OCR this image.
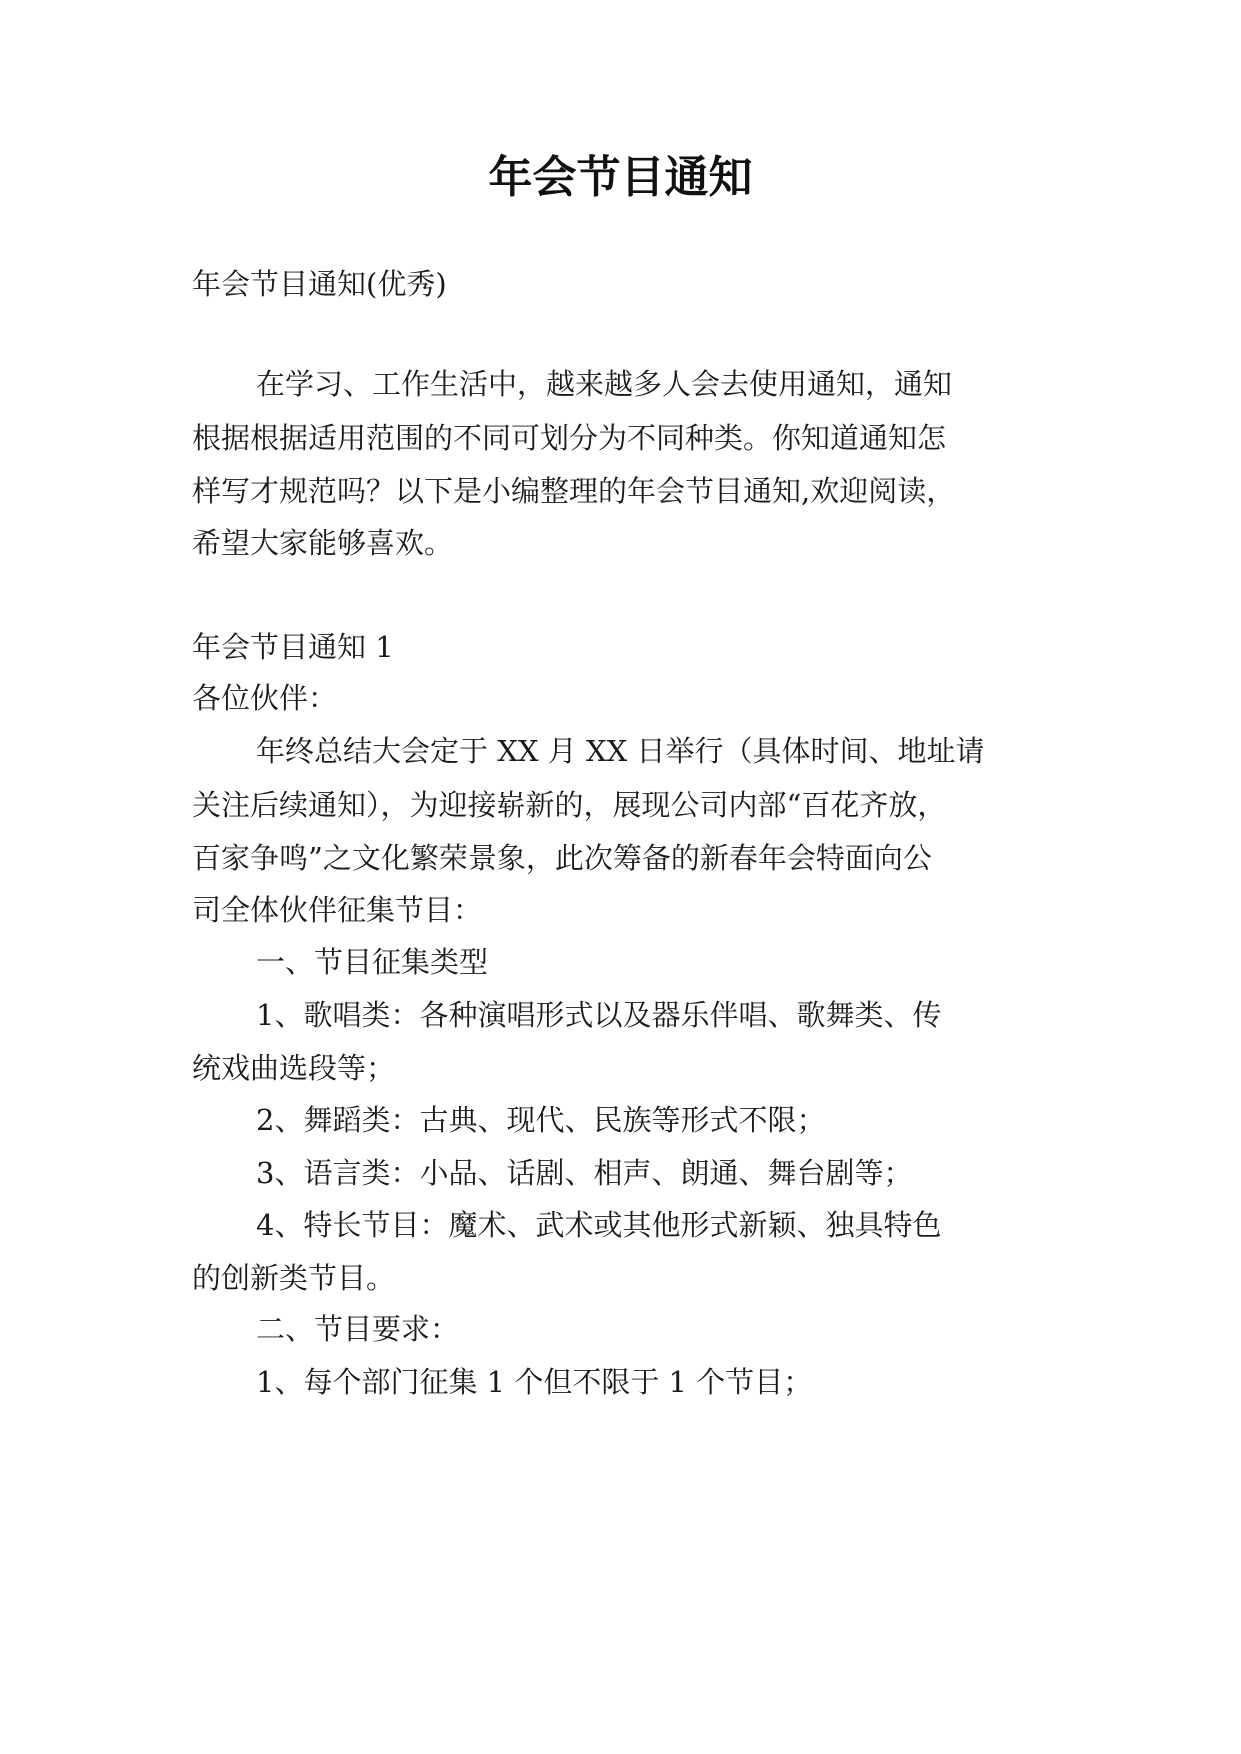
年会节目通知
年会节目通知(优秀)
在学习、工作生活中，越来越多人会去使用通知，通知
根据根据适用范围的不同可划分为不同种类。你知道通知怎
样写才规范吗？以下是小编整理的年会节目通知,欢迎阅读，
希望大家能够喜欢。
年会节目通知 1
各位伙伴：
年终总结大会定于 XX 月 XX 日举行（具体时间、地址请
关注后续通知），为迎接崭新的，展现公司内部“百花齐放，
百家争鸣”之文化繁荣景象，此次筹备的新春年会特面向公
司全体伙伴征集节目：
一、节目征集类型
1、歌唱类：各种演唱形式以及器乐伴唱、歌舞类、传
统戏曲选段等；
2、舞蹈类：古典、现代、民族等形式不限；
3、语言类：小品、话剧、相声、朗通、舞台剧等；
4、特长节目：魔术、武术或其他形式新颖、独具特色
的创新类节目。
二、节目要求：
1、每个部门征集 1 个但不限于 1 个节目；
